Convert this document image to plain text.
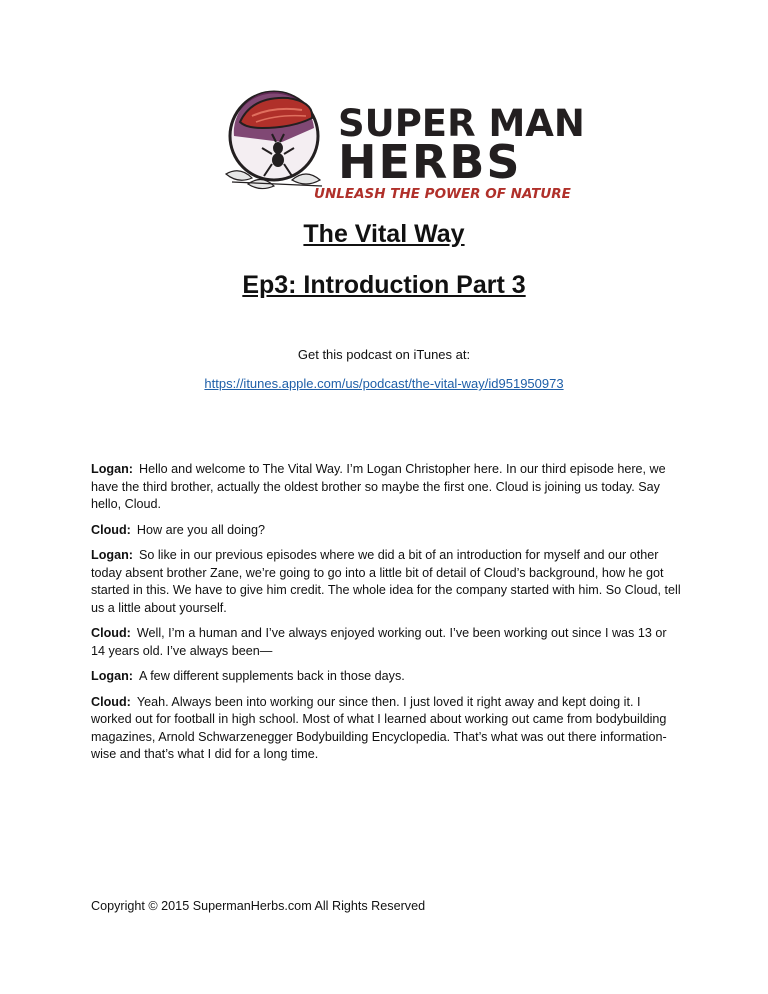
SUPER MAN
HERBS
UNLEASH THE POWER OF NATURE
The Vital Way
Ep3: Introduction Part 3
Get this podcast on iTunes at:
https://itunes.apple.com/us/podcast/the-vital-way/id951950973

Logan: Hello and welcome to The Vital Way. I’m Logan Christopher here. In our third episode here, we have the third brother, actually the oldest brother so maybe the first one. Cloud is joining us today. Say hello, Cloud.

Cloud: How are you all doing?

Logan: So like in our previous episodes where we did a bit of an introduction for myself and our other today absent brother Zane, we’re going to go into a little bit of detail of Cloud’s background, how he got started in this. We have to give him credit. The whole idea for the company started with him. So Cloud, tell us a little about yourself.

Cloud: Well, I’m a human and I’ve always enjoyed working out. I’ve been working out since I was 13 or 14 years old. I’ve always been—

Logan: A few different supplements back in those days.

Cloud: Yeah. Always been into working our since then. I just loved it right away and kept doing it. I worked out for football in high school. Most of what I learned about working out came from bodybuilding magazines, Arnold Schwarzenegger Bodybuilding Encyclopedia. That’s what was out there information-wise and that’s what I did for a long time.

Copyright © 2015 SupermanHerbs.com All Rights Reserved
